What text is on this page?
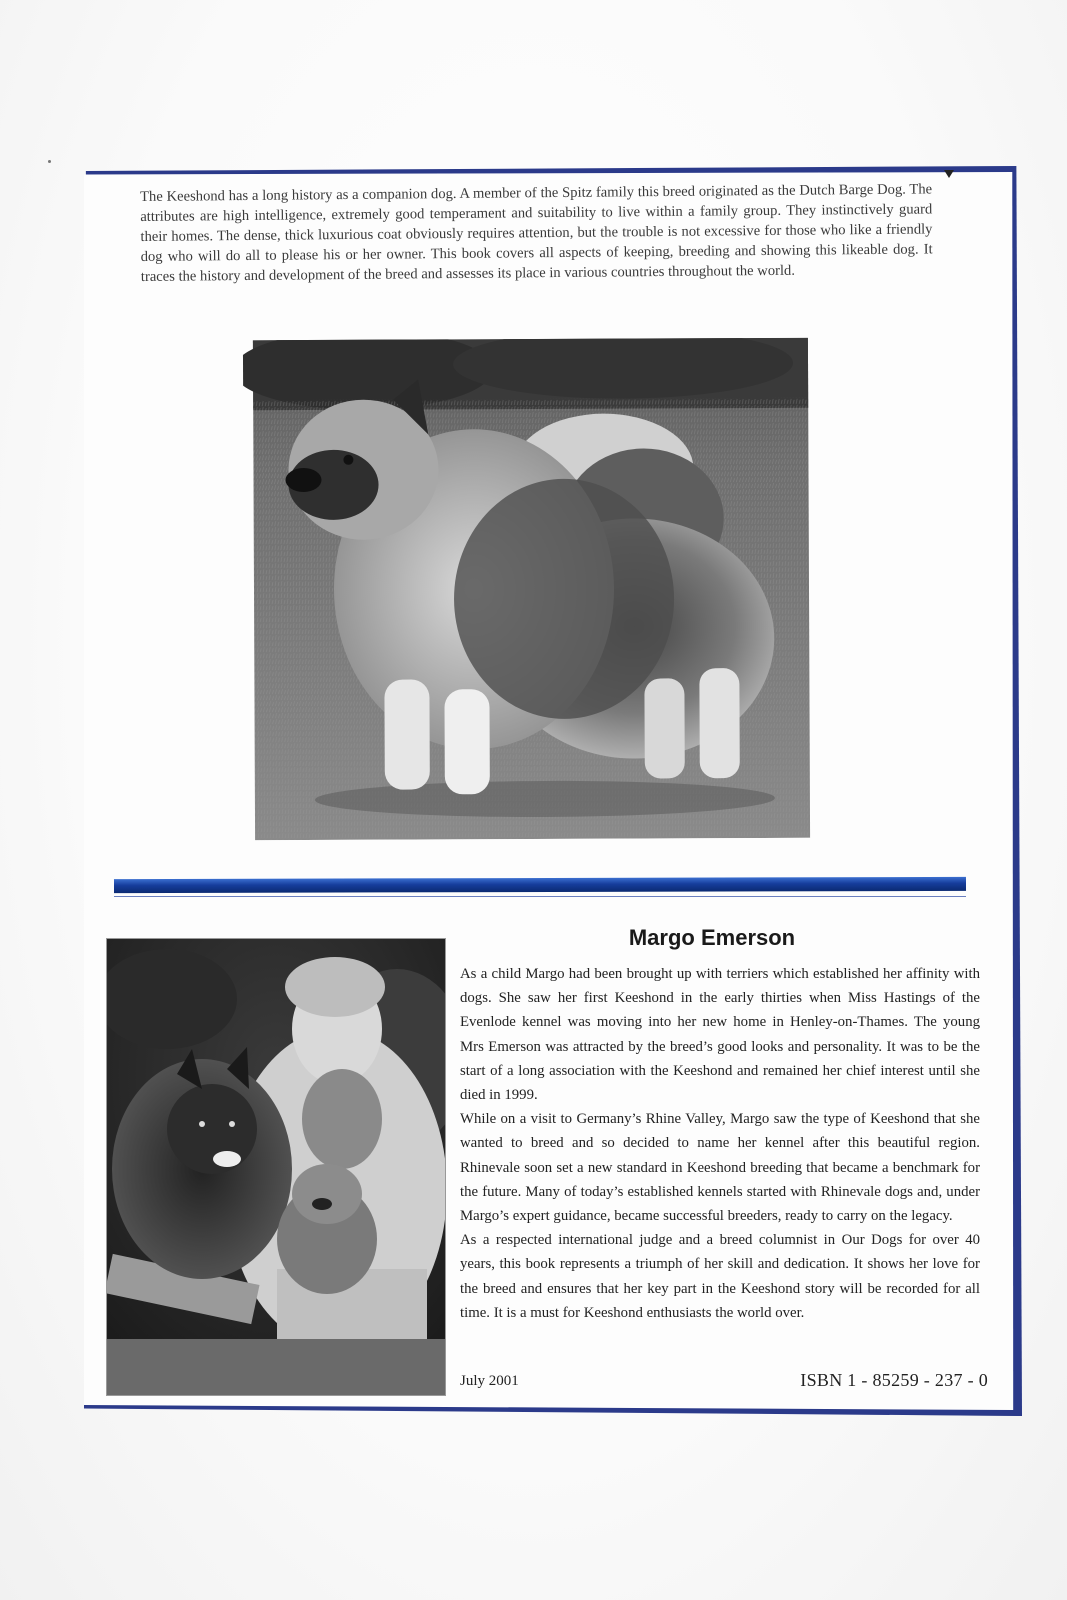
The Keeshond has a long history as a companion dog. A member of the Spitz family this breed originated as the Dutch Barge Dog. The attributes are high intelligence, extremely good temperament and suitability to live within a family group. They instinctively guard their homes. The dense, thick luxurious coat obviously requires attention, but the trouble is not excessive for those who like a friendly dog who will do all to please his or her owner. This book covers all aspects of keeping, breeding and showing this likeable dog. It traces the history and development of the breed and assesses its place in various countries throughout the world.
Margo Emerson

As a child Margo had been brought up with terriers which established her affinity with dogs. She saw her first Keeshond in the early thirties when Miss Hastings of the Evenlode kennel was moving into her new home in Henley-on-Thames. The young Mrs Emerson was attracted by the breed’s good looks and personality. It was to be the start of a long association with the Keeshond and remained her chief interest until she died in 1999.

While on a visit to Germany’s Rhine Valley, Margo saw the type of Keeshond that she wanted to breed and so decided to name her kennel after this beautiful region. Rhinevale soon set a new standard in Keeshond breeding that became a benchmark for the future. Many of today’s established kennels started with Rhinevale dogs and, under Margo’s expert guidance, became successful breeders, ready to carry on the legacy.

As a respected international judge and a breed columnist in Our Dogs for over 40 years, this book represents a triumph of her skill and dedication. It shows her love for the breed and ensures that her key part in the Keeshond story will be recorded for all time. It is a must for Keeshond enthusiasts the world over.

July 2001	ISBN 1 - 85259 - 237 - 0
